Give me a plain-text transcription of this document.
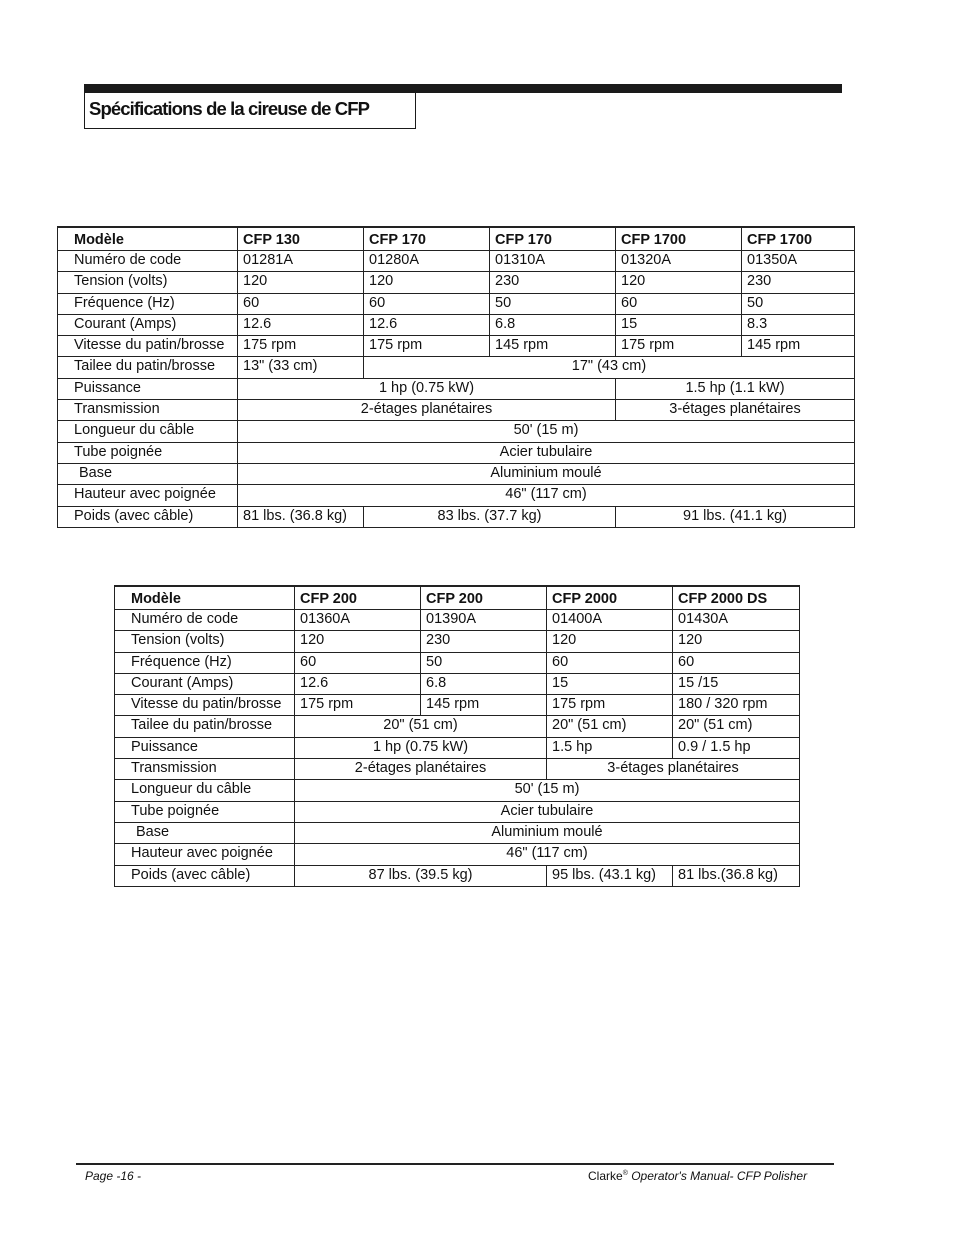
Spécifications de la cireuse de CFP
Modèle	CFP 130	CFP 170	CFP 170	CFP 1700	CFP 1700
Numéro de code	01281A	01280A	01310A	01320A	01350A
Tension (volts)	120	120	230	120	230
Fréquence (Hz)	60	60	50	60	50
Courant (Amps)	12.6	12.6	6.8	15	8.3
Vitesse du patin/brosse	175 rpm	175 rpm	145 rpm	175 rpm	145 rpm
Tailee du patin/brosse	13" (33 cm)	17" (43 cm)			
Puissance	1 hp (0.75 kW)			1.5 hp (1.1 kW)	
Transmission	2-étages planétaires			3-étages planétaires	
Longueur du câble	50' (15 m)				
Tube poignée	Acier tubulaire				
Base	Aluminium moulé				
Hauteur avec poignée	46" (117 cm)				
Poids (avec câble)	81 lbs. (36.8 kg)	83 lbs. (37.7 kg)		91 lbs. (41.1 kg)	
Modèle	CFP 200	CFP 200	CFP 2000	CFP 2000 DS
Numéro de code	01360A	01390A	01400A	01430A
Tension (volts)	120	230	120	120
Fréquence (Hz)	60	50	60	60
Courant (Amps)	12.6	6.8	15	15 /15
Vitesse du patin/brosse	175 rpm	145 rpm	175 rpm	180 / 320 rpm
Tailee du patin/brosse	20" (51 cm)		20" (51 cm)	20" (51 cm)
Puissance	1 hp (0.75 kW)		1.5 hp	0.9 / 1.5 hp
Transmission	2-étages planétaires		3-étages planétaires	
Longueur du câble	50' (15 m)			
Tube poignée	Acier tubulaire			
Base	Aluminium moulé			
Hauteur avec poignée	46" (117 cm)			
Poids (avec câble)	87 lbs. (39.5 kg)		95 lbs. (43.1 kg)	81 lbs.(36.8 kg)
Page -16 -	Clarke® Operator's Manual- CFP Polisher
